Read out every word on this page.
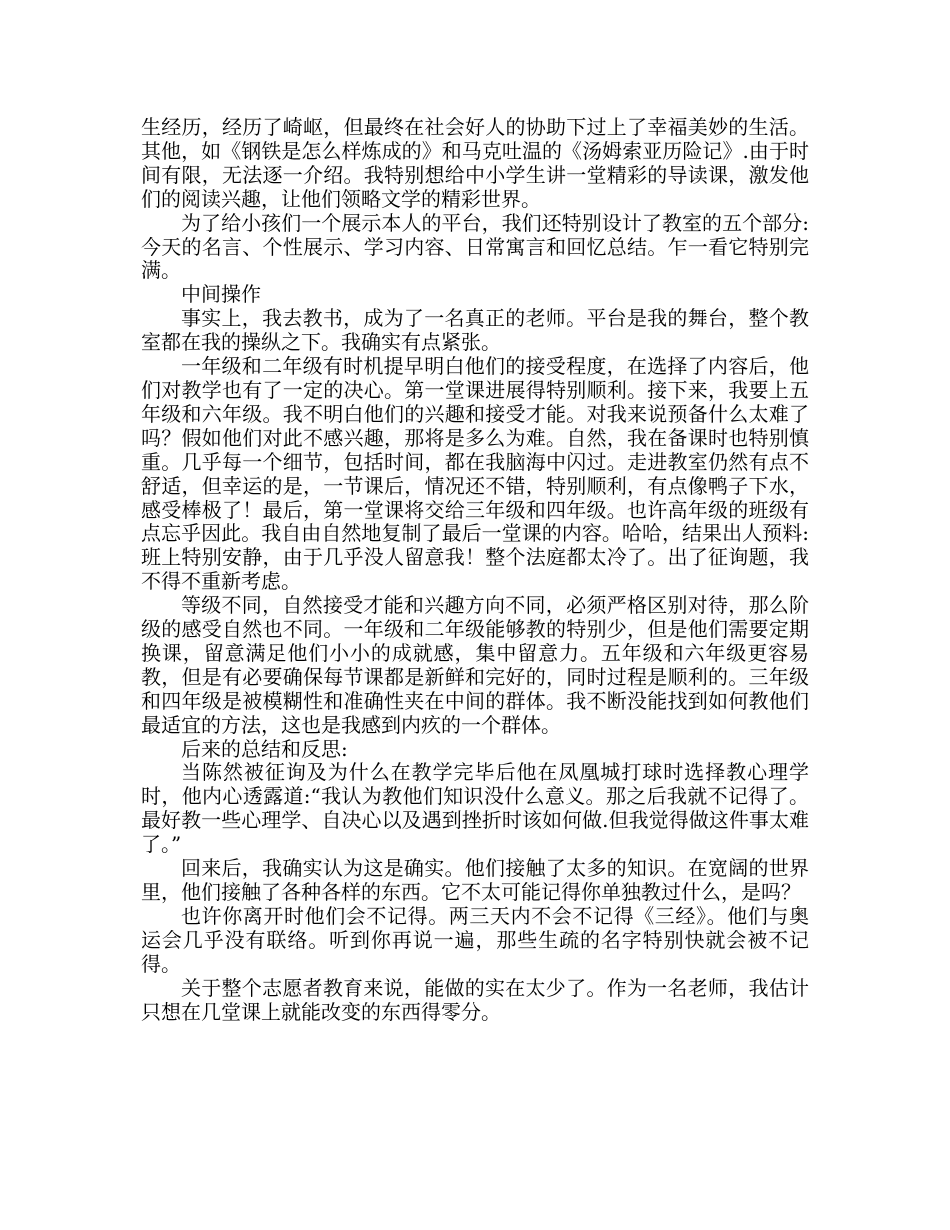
生经历，经历了崎岖，但最终在社会好人的协助下过上了幸福美妙的生活。其他，如《钢铁是怎么样炼成的》和马克吐温的《汤姆索亚历险记》.由于时间有限，无法逐一介绍。我特别想给中小学生讲一堂精彩的导读课，激发他们的阅读兴趣，让他们领略文学的精彩世界。

为了给小孩们一个展示本人的平台，我们还特别设计了教室的五个部分:今天的名言、个性展示、学习内容、日常寓言和回忆总结。乍一看它特别完满。

中间操作

事实上，我去教书，成为了一名真正的老师。平台是我的舞台，整个教室都在我的操纵之下。我确实有点紧张。

一年级和二年级有时机提早明白他们的接受程度，在选择了内容后，他们对教学也有了一定的决心。第一堂课进展得特别顺利。接下来，我要上五年级和六年级。我不明白他们的兴趣和接受才能。对我来说预备什么太难了吗？假如他们对此不感兴趣，那将是多么为难。自然，我在备课时也特别慎重。几乎每一个细节，包括时间，都在我脑海中闪过。走进教室仍然有点不舒适，但幸运的是，一节课后，情况还不错，特别顺利，有点像鸭子下水，感受棒极了！最后，第一堂课将交给三年级和四年级。也许高年级的班级有点忘乎因此。我自由自然地复制了最后一堂课的内容。哈哈，结果出人预料:班上特别安静，由于几乎没人留意我！整个法庭都太冷了。出了征询题，我不得不重新考虑。

等级不同，自然接受才能和兴趣方向不同，必须严格区别对待，那么阶级的感受自然也不同。一年级和二年级能够教的特别少，但是他们需要定期换课，留意满足他们小小的成就感，集中留意力。五年级和六年级更容易教，但是有必要确保每节课都是新鲜和完好的，同时过程是顺利的。三年级和四年级是被模糊性和准确性夹在中间的群体。我不断没能找到如何教他们最适宜的方法，这也是我感到内疚的一个群体。

后来的总结和反思:

当陈然被征询及为什么在教学完毕后他在凤凰城打球时选择教心理学时，他内心透露道:“我认为教他们知识没什么意义。那之后我就不记得了。最好教一些心理学、自决心以及遇到挫折时该如何做.但我觉得做这件事太难了。”

回来后，我确实认为这是确实。他们接触了太多的知识。在宽阔的世界里，他们接触了各种各样的东西。它不太可能记得你单独教过什么，是吗？

也许你离开时他们会不记得。两三天内不会不记得《三经》。他们与奥运会几乎没有联络。听到你再说一遍，那些生疏的名字特别快就会被不记得。

关于整个志愿者教育来说，能做的实在太少了。作为一名老师，我估计只想在几堂课上就能改变的东西得零分。
